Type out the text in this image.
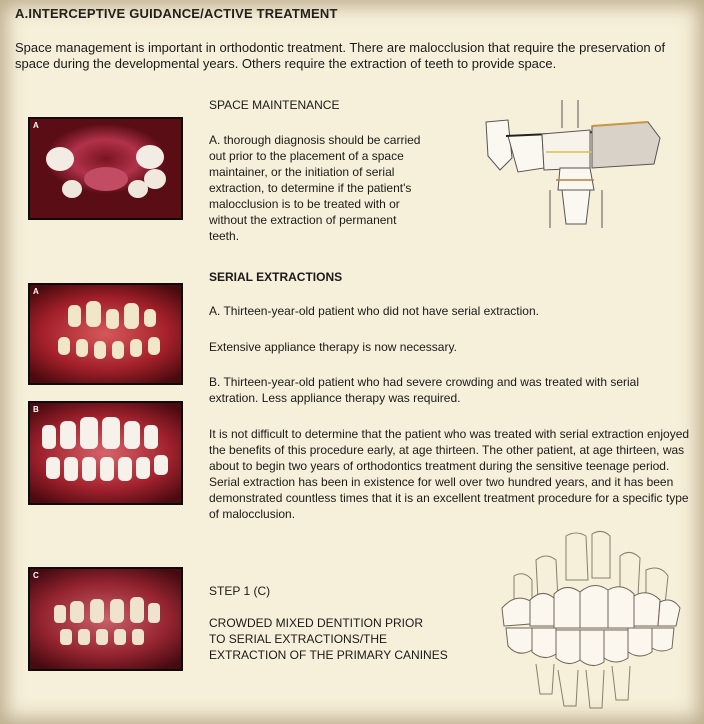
A.INTERCEPTIVE GUIDANCE/ACTIVE TREATMENT
Space management is important in orthodontic treatment. There are malocclusion that require the preservation of space during the developmental years. Others require the extraction of teeth to provide space.
A
SPACE MAINTENANCE
A. thorough diagnosis should be carried
out prior to the placement of a space
maintainer, or the initiation of serial
extraction, to determine if the patient's
malocclusion is to be treated with or
without the extraction of permanent
teeth.
A
B
SERIAL EXTRACTIONS
A. Thirteen-year-old patient who did not have serial extraction.
Extensive appliance therapy is now necessary.
B. Thirteen-year-old patient who had severe crowding and was treated with serial extration. Less appliance therapy was required.
It is not difficult to determine that the patient who was treated with serial extraction enjoyed the benefits of this procedure early, at age thirteen. The other patient, at age thirteen, was about to begin two years of orthodontics treatment during the sensitive teenage period. Serial extraction has been in existence for well over two hundred years, and it has been demonstrated countless times that it is an excellent treatment procedure for a specific type of malocclusion.
C
STEP 1 (C)
CROWDED MIXED DENTITION PRIOR
TO SERIAL EXTRACTIONS/THE
EXTRACTION OF THE PRIMARY CANINES
